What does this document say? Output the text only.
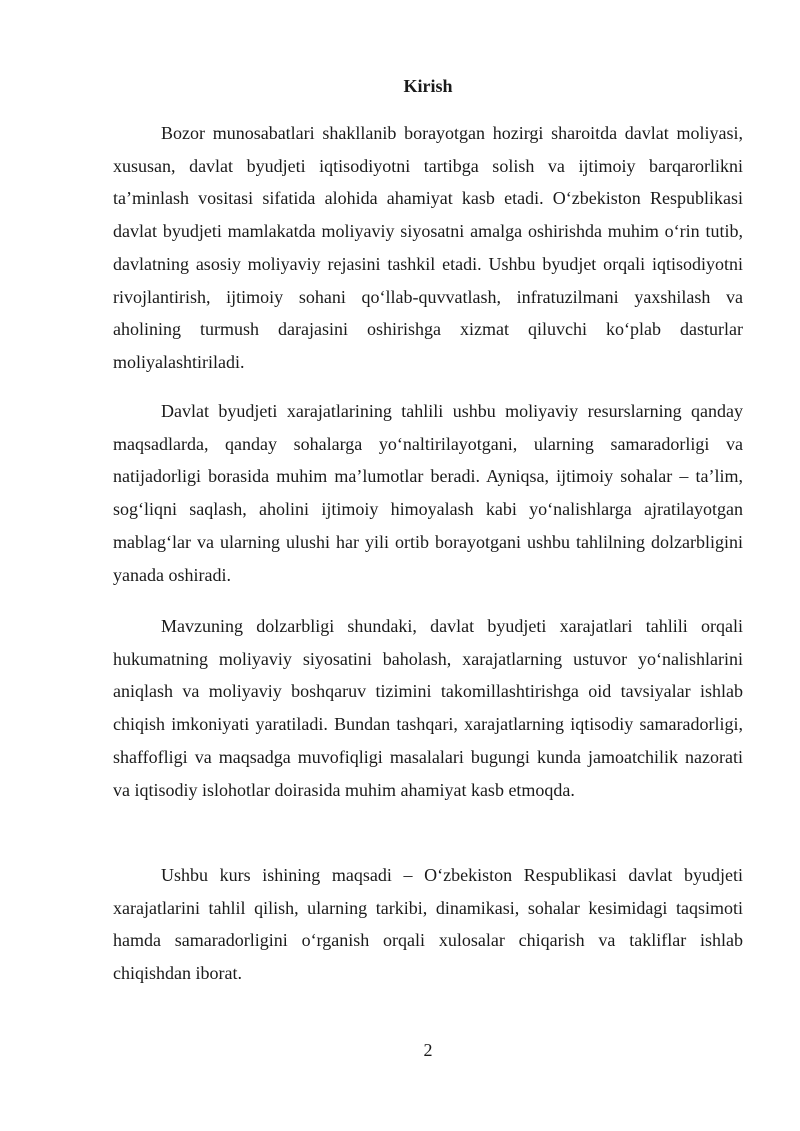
Kirish

Bozor munosabatlari shakllanib borayotgan hozirgi sharoitda davlat moliyasi, xususan, davlat byudjeti iqtisodiyotni tartibga solish va ijtimoiy barqarorlikni ta’minlash vositasi sifatida alohida ahamiyat kasb etadi. O‘zbekiston Respublikasi davlat byudjeti mamlakatda moliyaviy siyosatni amalga oshirishda muhim o‘rin tutib, davlatning asosiy moliyaviy rejasini tashkil etadi. Ushbu byudjet orqali iqtisodiyotni rivojlantirish, ijtimoiy sohani qo‘llab-quvvatlash, infratuzilmani yaxshilash va aholining turmush darajasini oshirishga xizmat qiluvchi ko‘plab dasturlar moliyalashtiriladi.

Davlat byudjeti xarajatlarining tahlili ushbu moliyaviy resurslarning qanday maqsadlarda, qanday sohalarga yo‘naltirilayotgani, ularning samaradorligi va natijadorligi borasida muhim ma’lumotlar beradi. Ayniqsa, ijtimoiy sohalar – ta’lim, sog‘liqni saqlash, aholini ijtimoiy himoyalash kabi yo‘nalishlarga ajratilayotgan mablag‘lar va ularning ulushi har yili ortib borayotgani ushbu tahlilning dolzarbligini yanada oshiradi.

Mavzuning dolzarbligi shundaki, davlat byudjeti xarajatlari tahlili orqali hukumatning moliyaviy siyosatini baholash, xarajatlarning ustuvor yo‘nalishlarini aniqlash va moliyaviy boshqaruv tizimini takomillashtirishga oid tavsiyalar ishlab chiqish imkoniyati yaratiladi. Bundan tashqari, xarajatlarning iqtisodiy samaradorligi, shaffofligi va maqsadga muvofiqligi masalalari bugungi kunda jamoatchilik nazorati va iqtisodiy islohotlar doirasida muhim ahamiyat kasb etmoqda.

Ushbu kurs ishining maqsadi – O‘zbekiston Respublikasi davlat byudjeti xarajatlarini tahlil qilish, ularning tarkibi, dinamikasi, sohalar kesimidagi taqsimoti hamda samaradorligini o‘rganish orqali xulosalar chiqarish va takliflar ishlab chiqishdan iborat.

2
